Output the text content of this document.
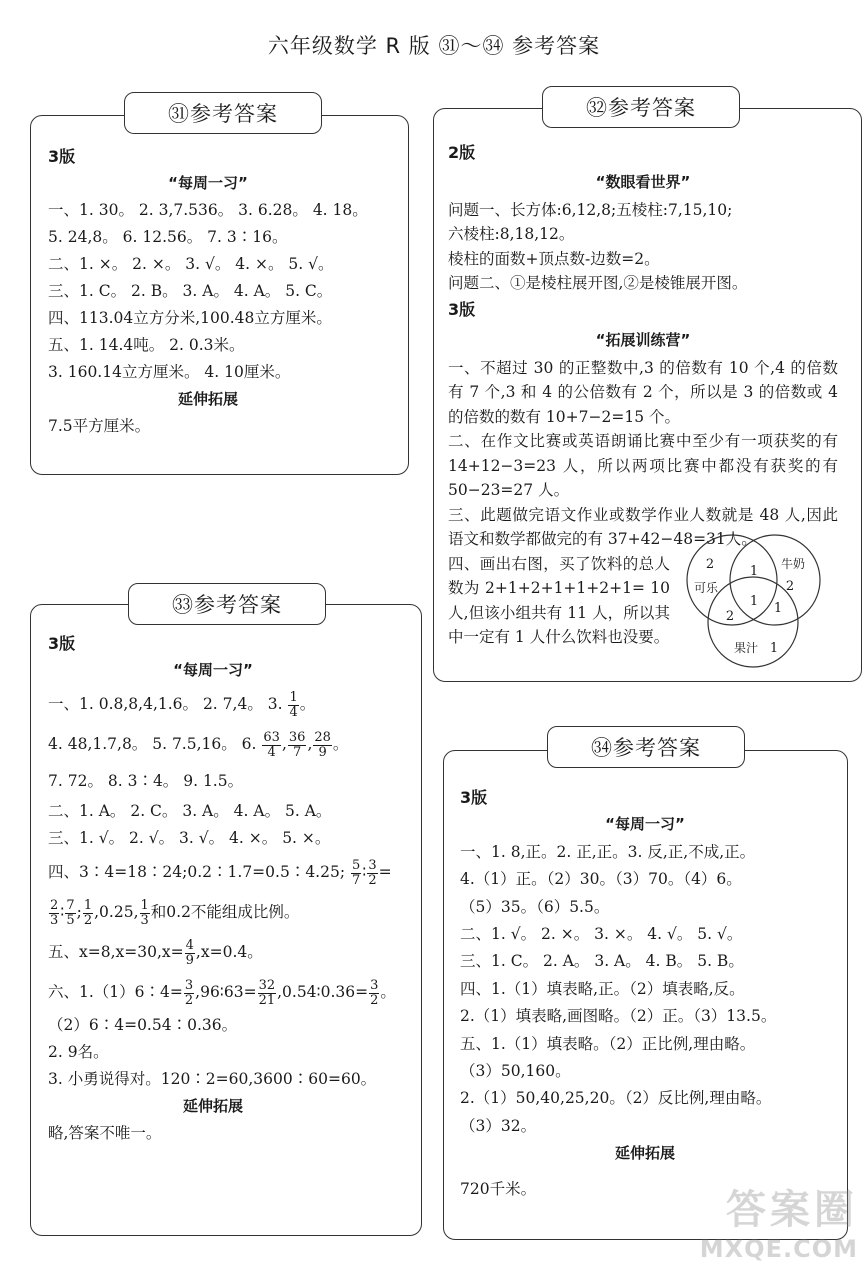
六年级数学 R 版 ㉛～㉞ 参考答案
㉛参考答案
3版
“每周一习”
一、1. 30。 2. 3,7.536。 3. 6.28。 4. 18。
5. 24,8。 6. 12.56。 7. 3∶16。
二、1. ×。 2. ×。 3. √。 4. ×。 5. √。
三、1. C。 2. B。 3. A。 4. A。 5. C。
四、113.04立方分米,100.48立方厘米。
五、1. 14.4吨。 2. 0.3米。
3. 160.14立方厘米。 4. 10厘米。
延伸拓展
7.5平方厘米。
㉜参考答案
2版
“数眼看世界”
问题一、长方体:6,12,8;五棱柱:7,15,10;
六棱柱:8,18,12。
棱柱的面数+顶点数-边数=2。
问题二、①是棱柱展开图,②是棱锥展开图。
3版
“拓展训练营”
一、不超过 30 的正整数中,3 的倍数有 10 个,4 的倍数有 7 个,3 和 4 的公倍数有 2 个，所以是 3 的倍数或 4 的倍数的数有 10+7−2=15 个。
二、在作文比赛或英语朗诵比赛中至少有一项获奖的有 14+12−3=23 人，所以两项比赛中都没有获奖的有 50−23=27 人。
三、此题做完语文作业或数学作业人数就是 48 人,因此语文和数学都做完的有 37+42−48=31人。
四、画出右图，买了饮料的总人数为 2+1+2+1+1+2+1= 10 人,但该小组共有 11 人，所以其中一定有 1 人什么饮料也没要。
2
可乐	2
牛奶
1
1
2
1
果汁 1
㉝参考答案
3版
“每周一习”
一、1. 0.8,8,4,1.6。 2. 7,4。 3. $\frac{1}{4}$ 。
4. 48,1.7,8。 5. 7.5,16。 6. $\frac{63}{4}$ , $\frac{36}{7}$ , $\frac{28}{9}$ 。
7. 72。 8. 3∶4。 9. 1.5。
二、1. A。 2. C。 3. A。 4. A。 5. A。
三、1. √。 2. √。 3. √。 4. ×。 5. ×。
四、3∶4=18∶24;0.2∶1.7=0.5∶4.25; $\frac{5}{7}$ ∶ $\frac{3}{2}$ =
$\frac{2}{3}$ ∶ $\frac{7}{5}$ ; $\frac{1}{2} ,0.25$, $\frac{1}{3}$ 和0.2不能组成比例。
五、$x=8,x=30,x= \frac{4}{9} ,x=0.4$。
六、1.（1）6∶4= $\frac{3}{2}$ ,96∶63= $\frac{32}{21}$ ,0.54∶0.36= $\frac{3}{2}$ 。
（2）6∶4=0.54∶0.36。
2. 9名。
3. 小勇说得对。120∶2=60,3600∶60=60。
延伸拓展
略,答案不唯一。
㉞参考答案
3版
“每周一习”
一、1. 8,正。2. 正,正。3. 反,正,不成,正。
4.（1）正。（2）30。（3）70。（4）6。
（5）35。（6）5.5。
二、1. √。 2. ×。 3. ×。 4. √。 5. √。
三、1. C。 2. A。 3. A。 4. B。 5. B。
四、1.（1）填表略,正。（2）填表略,反。
2.（1）填表略,画图略。（2）正。（3）13.5。
五、1.（1）填表略。（2）正比例,理由略。
（3）50,160。
2.（1）50,40,25,20。（2）反比例,理由略。
（3）32。
延伸拓展
720千米。	答案圈
MXQE.COM
